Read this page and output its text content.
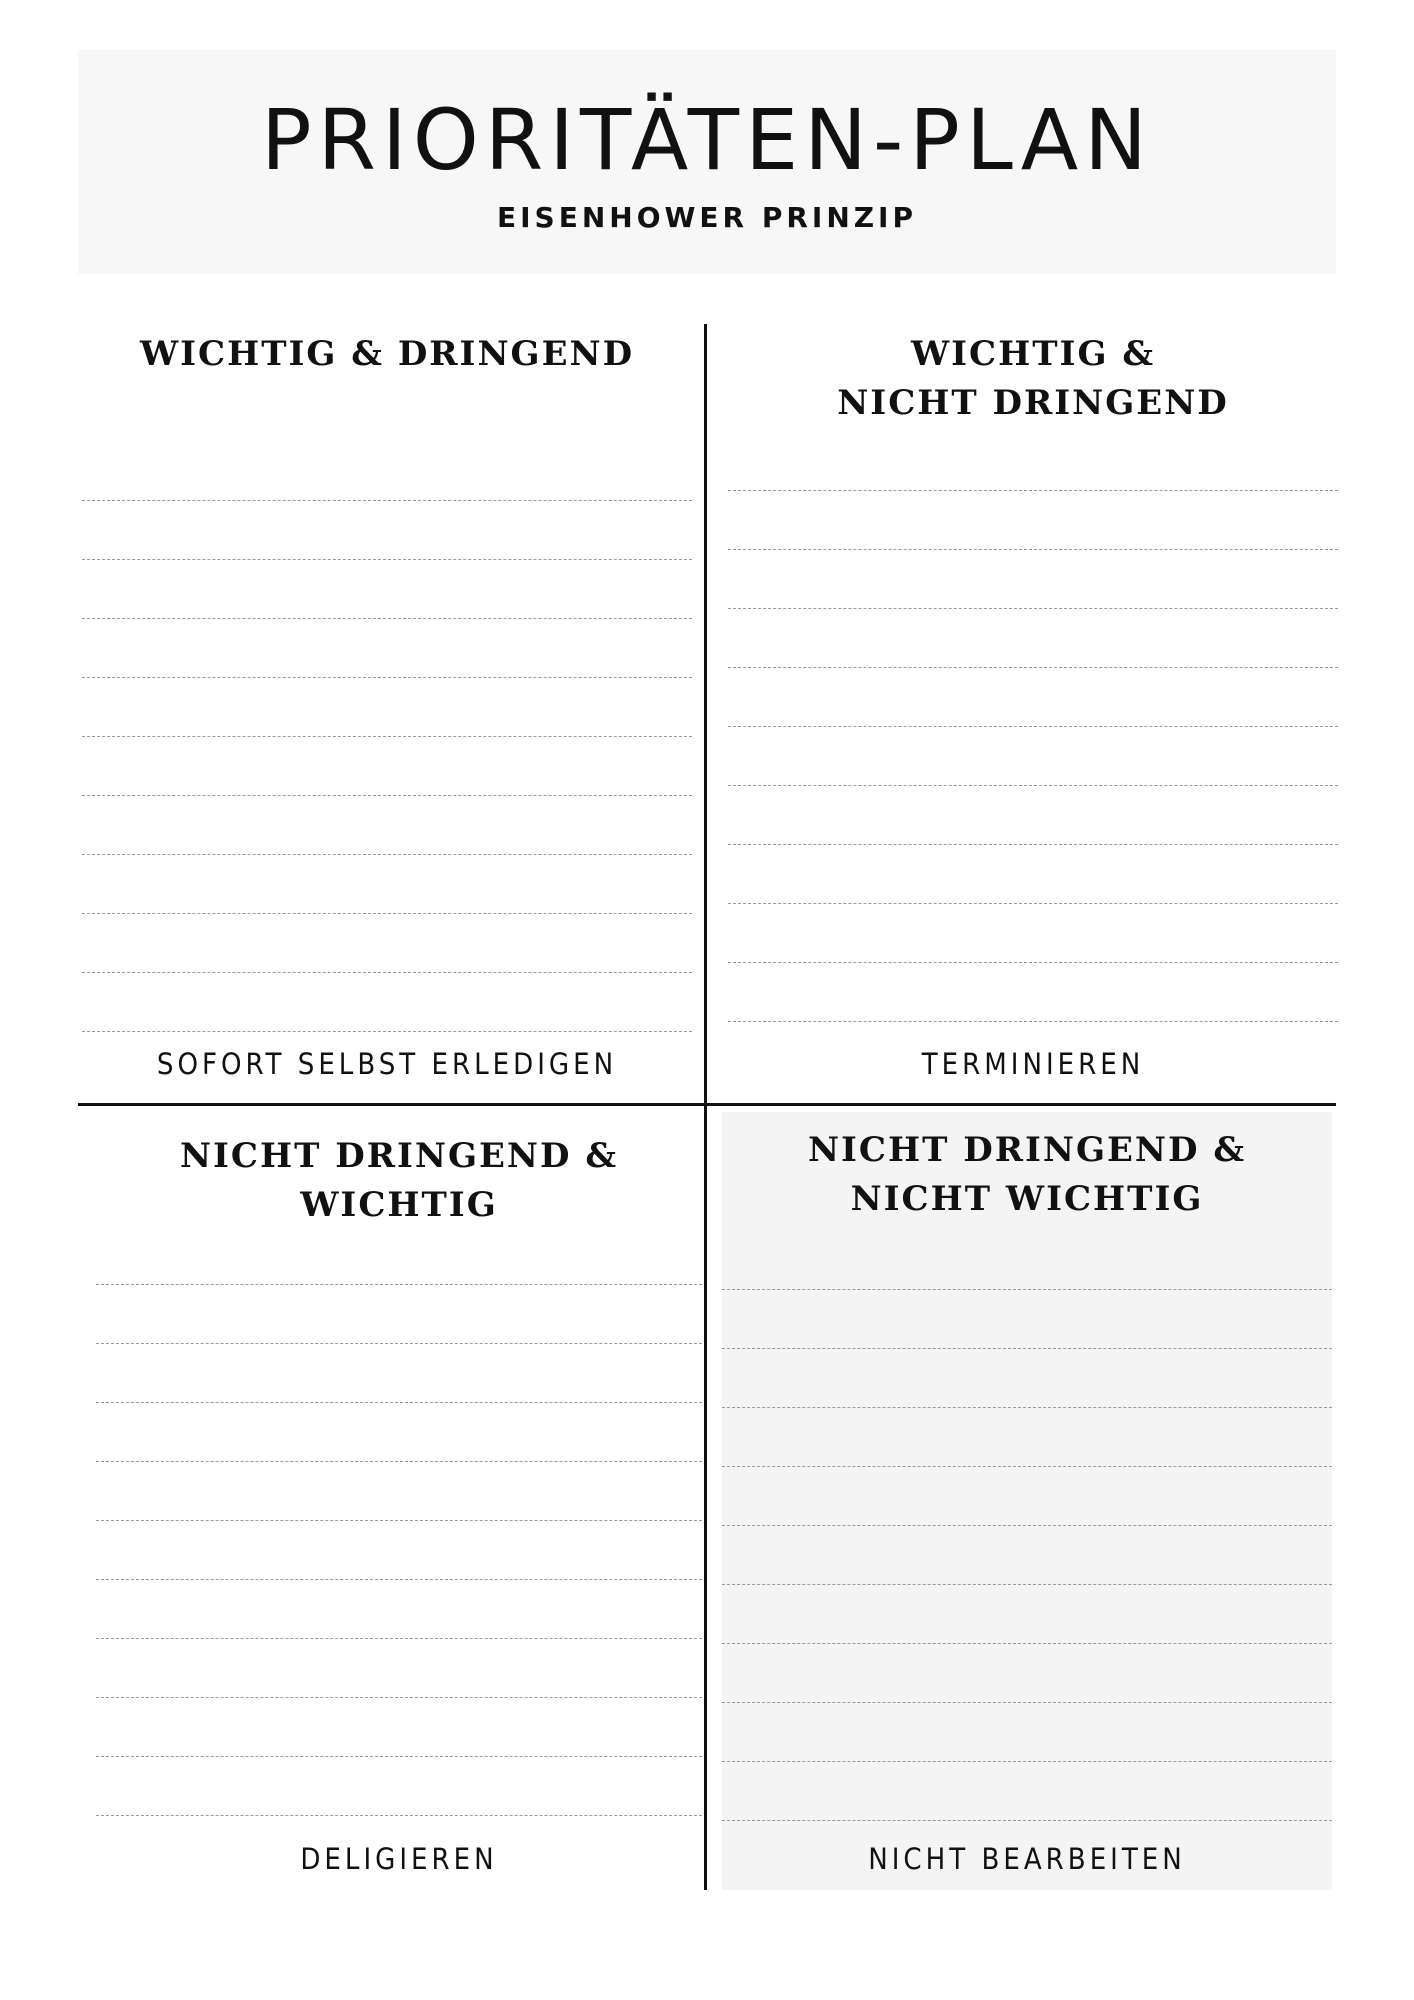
PRIORITÄTEN-PLAN
EISENHOWER PRINZIP
WICHTIG & DRINGEND
SOFORT SELBST ERLEDIGEN
WICHTIG &
NICHT DRINGEND
TERMINIEREN
NICHT DRINGEND &
WICHTIG
DELIGIEREN
NICHT DRINGEND &
NICHT WICHTIG
NICHT BEARBEITEN
